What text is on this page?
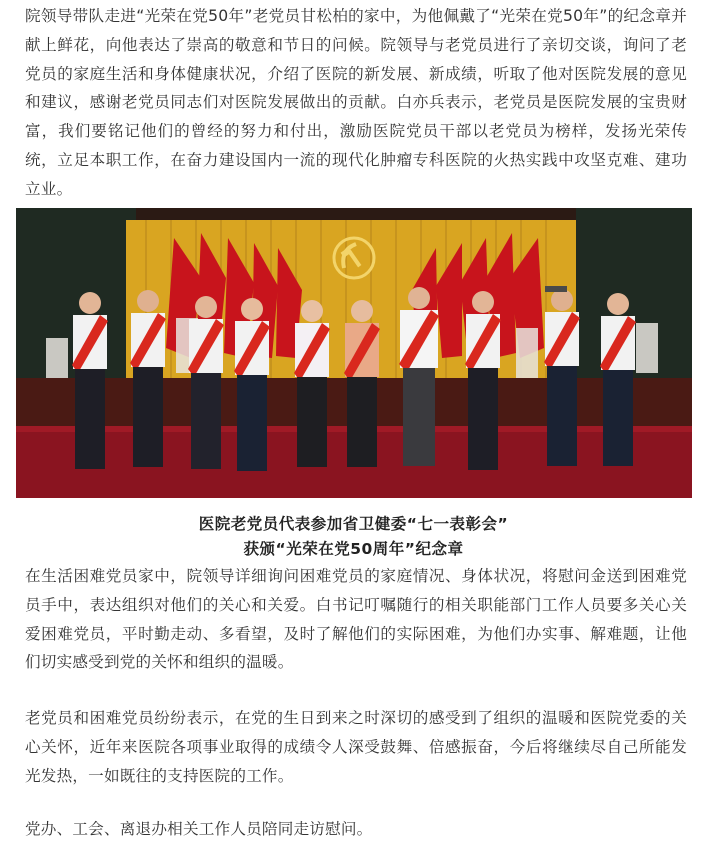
院领导带队走进“光荣在党50年”老党员甘松柏的家中，为他佩戴了“光荣在党50年”的纪念章并献上鲜花，向他表达了崇高的敬意和节日的问候。院领导与老党员进行了亲切交谈，询问了老党员的家庭生活和身体健康状况，介绍了医院的新发展、新成绩，听取了他对医院发展的意见和建议，感谢老党员同志们对医院发展做出的贡献。白亦兵表示，老党员是医院发展的宝贵财富，我们要铭记他们的曾经的努力和付出，激励医院党员干部以老党员为榜样，发扬光荣传统，立足本职工作，在奋力建设国内一流的现代化肿瘤专科医院的火热实践中攻坚克难、建功立业。

医院老党员代表参加省卫健委“七一表彰会”
获颁“光荣在党50周年”纪念章

在生活困难党员家中，院领导详细询问困难党员的家庭情况、身体状况，将慰问金送到困难党员手中，表达组织对他们的关心和关爱。白书记叮嘱随行的相关职能部门工作人员要多关心关爱困难党员，平时勤走动、多看望，及时了解他们的实际困难，为他们办实事、解难题，让他们切实感受到党的关怀和组织的温暖。

老党员和困难党员纷纷表示，在党的生日到来之时深切的感受到了组织的温暖和医院党委的关心关怀，近年来医院各项事业取得的成绩令人深受鼓舞、倍感振奋，今后将继续尽自己所能发光发热，一如既往的支持医院的工作。

党办、工会、离退办相关工作人员陪同走访慰问。
